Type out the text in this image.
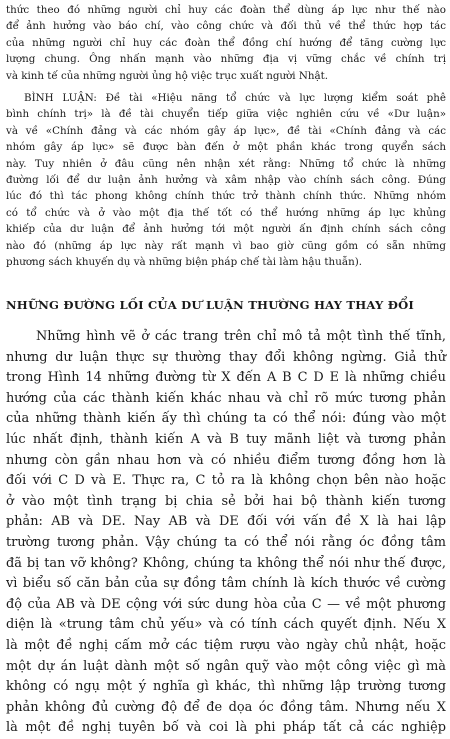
thức theo đó những người chỉ huy các đoàn thể dùng áp lực như thế nào
để ảnh hưởng vào báo chí, vào công chức và đối thủ về thể thức hợp tác
của những người chỉ huy các đoàn thể đồng chí hướng để tăng cường lực
lượng chung. Ông nhấn mạnh vào những địa vị vững chắc về chính trị
và kinh tế của những người ủng hộ việc trục xuất người Nhật.

BÌNH LUẬN: Đề tài «Hiệu năng tổ chức và lực lượng kiểm soát phê
bình chính trị» là đề tài chuyển tiếp giữa việc nghiên cứu về «Dư luận»
và về «Chính đảng và các nhóm gây áp lực», đề tài «Chính đảng và các
nhóm gây áp lực» sẽ được bàn đến ở một phần khác trong quyển sách
này. Tuy nhiên ở đâu cũng nên nhận xét rằng: Những tổ chức là những
đường lối để dư luận ảnh hưởng và xâm nhập vào chính sách công. Đúng
lúc đó thì tác phong không chính thức trở thành chính thức. Những nhóm
có tổ chức và ở vào một địa thế tốt có thể hướng những áp lực khủng
khiếp của dư luận để ảnh hưởng tới một người ấn định chính sách công
nào đó (những áp lực này rất mạnh vì bao giờ cũng gồm có sẵn những
phương sách khuyến dụ và những biện pháp chế tài làm hậu thuẫn).

NHỮNG ĐƯỜNG LỐI CỦA DƯ LUẬN THƯỜNG HAY THAY ĐỔI

Những hình vẽ ở các trang trên chỉ mô tả một tình thế tĩnh,
nhưng dư luận thực sự thường thay đổi không ngừng. Giả thử
trong Hình 14 những đường từ X đến A B C D E là những chiều
hướng của các thành kiến khác nhau và chỉ rõ mức tương phản
của những thành kiến ấy thì chúng ta có thể nói: đúng vào một
lúc nhất định, thành kiến A và B tuy mãnh liệt và tương phản
nhưng còn gần nhau hơn và có nhiều điểm tương đồng hơn là
đối với C D và E. Thực ra, C tỏ ra là không chọn bên nào hoặc
ở vào một tình trạng bị chia sẻ bởi hai bộ thành kiến tương
phản: AB và DE. Nay AB và DE đối với vấn đề X là hai lập
trường tương phản. Vậy chúng ta có thể nói rằng óc đồng tâm
đã bị tan vỡ không? Không, chúng ta không thể nói như thế được,
vì biểu số căn bản của sự đồng tâm chính là kích thước về cường
độ của AB và DE cộng với sức dung hòa của C — về một phương
diện là «trung tâm chủ yếu» và có tính cách quyết định. Nếu X
là một đề nghị cấm mở các tiệm rượu vào ngày chủ nhật, hoặc
một dự án luật dành một số ngân quỹ vào một công việc gì mà
không có ngụ một ý nghĩa gì khác, thì những lập trường tương
phản không đủ cường độ để đe dọa óc đồng tâm. Nhưng nếu X
là một đề nghị tuyên bố và coi là phi pháp tất cả các nghiệp
